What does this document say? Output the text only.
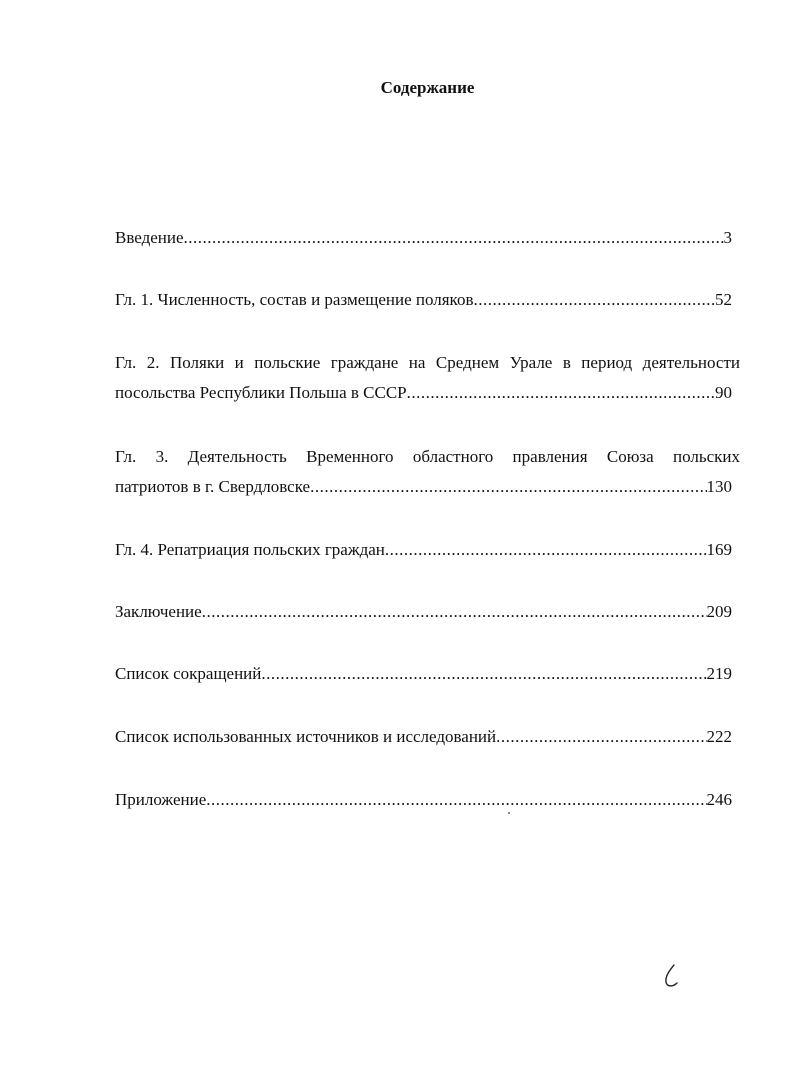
Содержание
Введение .....	3
Гл. 1. Численность, состав и размещение поляков .....	52
Гл. 2. Поляки и польские граждане на Среднем Урале в период деятельности
посольства Республики Польша в СССР .....	90
Гл. 3. Деятельность Временного областного правления Союза польских
патриотов в г. Свердловске .....	130
Гл. 4. Репатриация польских граждан .....	169
Заключение .....	209
Список сокращений .....	219
Список использованных источников и исследований .....	222
Приложение .....	246
